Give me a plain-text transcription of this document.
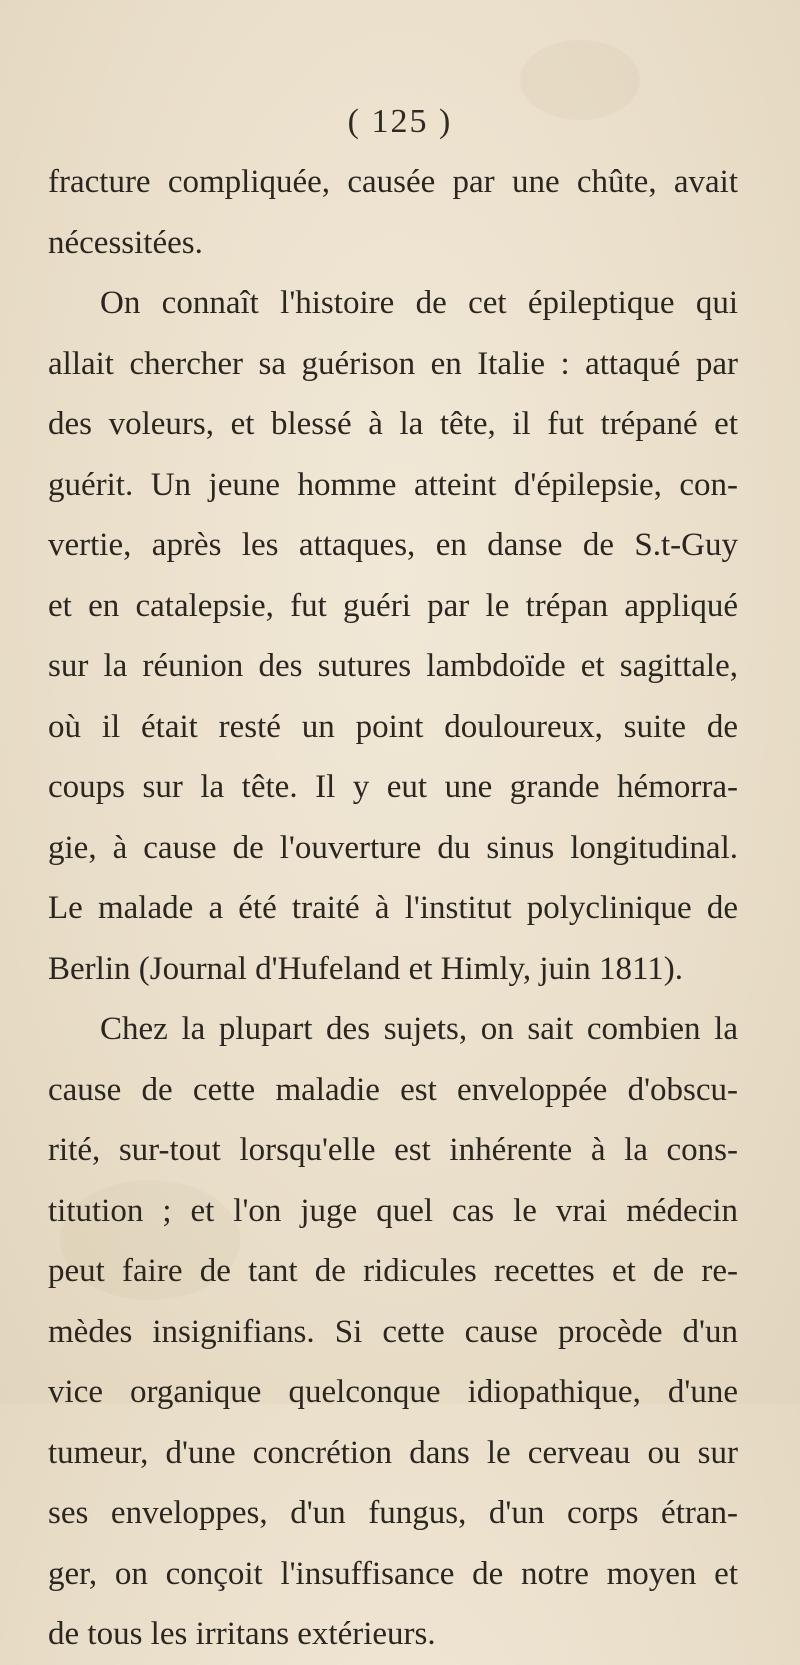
( 125 )
fracture compliquée, causée par une chûte, avait
nécessitées.
On connaît l'histoire de cet épileptique qui
allait chercher sa guérison en Italie : attaqué par
des voleurs, et blessé à la tête, il fut trépané et
guérit. Un jeune homme atteint d'épilepsie, con-
vertie, après les attaques, en danse de S.t-Guy
et en catalepsie, fut guéri par le trépan appliqué
sur la réunion des sutures lambdoïde et sagittale,
où il était resté un point douloureux, suite de
coups sur la tête. Il y eut une grande hémorra-
gie, à cause de l'ouverture du sinus longitudinal.
Le malade a été traité à l'institut polyclinique de
Berlin (Journal d'Hufeland et Himly, juin 1811).
Chez la plupart des sujets, on sait combien la
cause de cette maladie est enveloppée d'obscu-
rité, sur-tout lorsqu'elle est inhérente à la cons-
titution ; et l'on juge quel cas le vrai médecin
peut faire de tant de ridicules recettes et de re-
mèdes insignifians. Si cette cause procède d'un
vice organique quelconque idiopathique, d'une
tumeur, d'une concrétion dans le cerveau ou sur
ses enveloppes, d'un fungus, d'un corps étran-
ger, on conçoit l'insuffisance de notre moyen et
de tous les irritans extérieurs.
